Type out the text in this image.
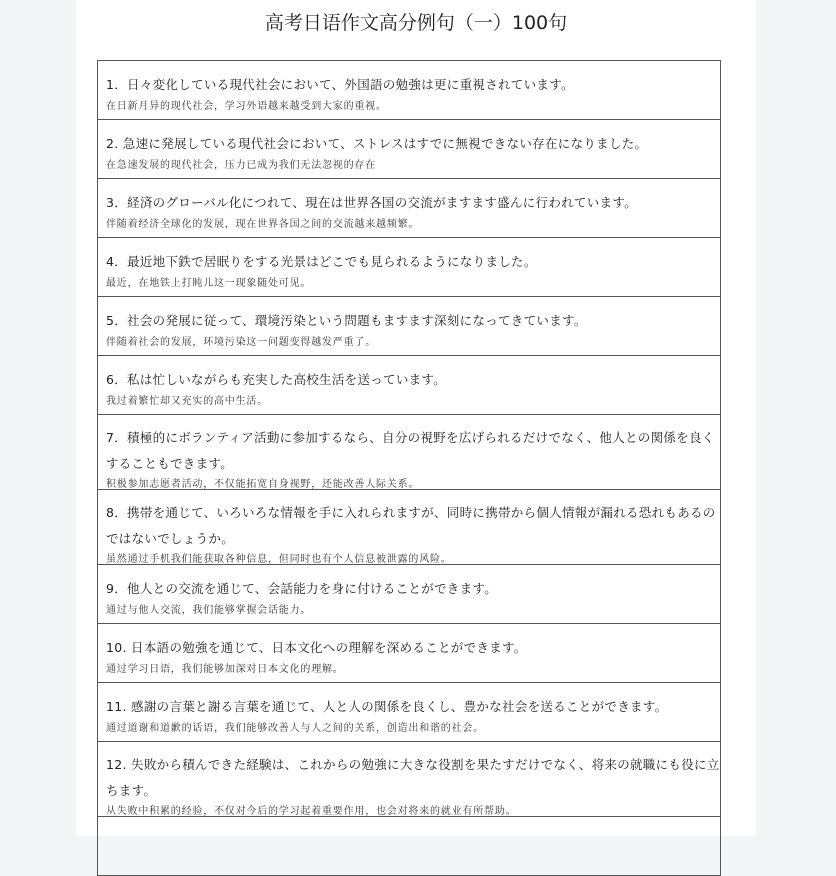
高考日语作文高分例句（一）100句
1．日々変化している現代社会において、外国語の勉強は更に重視されています。
在日新月异的现代社会，学习外语越来越受到大家的重视。
2. 急速に発展している現代社会において、ストレスはすでに無視できない存在になりました。
在急速发展的现代社会，压力已成为我们无法忽视的存在
3．経済のグローバル化につれて、現在は世界各国の交流がますます盛んに行われています。
伴随着经济全球化的发展，现在世界各国之间的交流越来越频繁。
4．最近地下鉄で居眠りをする光景はどこでも見られるようになりました。
最近，在地铁上打盹儿这一现象随处可见。
5．社会の発展に従って、環境汚染という問題もますます深刻になってきています。
伴随着社会的发展，环境污染这一问题变得越发严重了。
6．私は忙しいながらも充実した高校生活を送っています。
我过着繁忙却又充实的高中生活。
7．積極的にボランティア活動に参加するなら、自分の視野を広げられるだけでなく、他人との関係を良くすることもできます。
积极参加志愿者活动，不仅能拓宽自身视野，还能改善人际关系。
8．携帯を通じて、いろいろな情報を手に入れられますが、同時に携帯から個人情報が漏れる恐れもあるのではないでしょうか。
虽然通过手机我们能获取各种信息，但同时也有个人信息被泄露的风险。
9．他人との交流を通じて、会話能力を身に付けることができます。
通过与他人交流，我们能够掌握会话能力。
10. 日本語の勉強を通じて、日本文化への理解を深めることができます。
通过学习日语，我们能够加深对日本文化的理解。
11. 感謝の言葉と謝る言葉を通じて、人と人の関係を良くし、豊かな社会を送ることができます。
通过道谢和道歉的话语，我们能够改善人与人之间的关系，创造出和谐的社会。
12. 失敗から積んできた経験は、これからの勉強に大きな役割を果たすだけでなく、将来の就職にも役に立ちます。
从失败中积累的经验，不仅对今后的学习起着重要作用，也会对将来的就业有所帮助。
